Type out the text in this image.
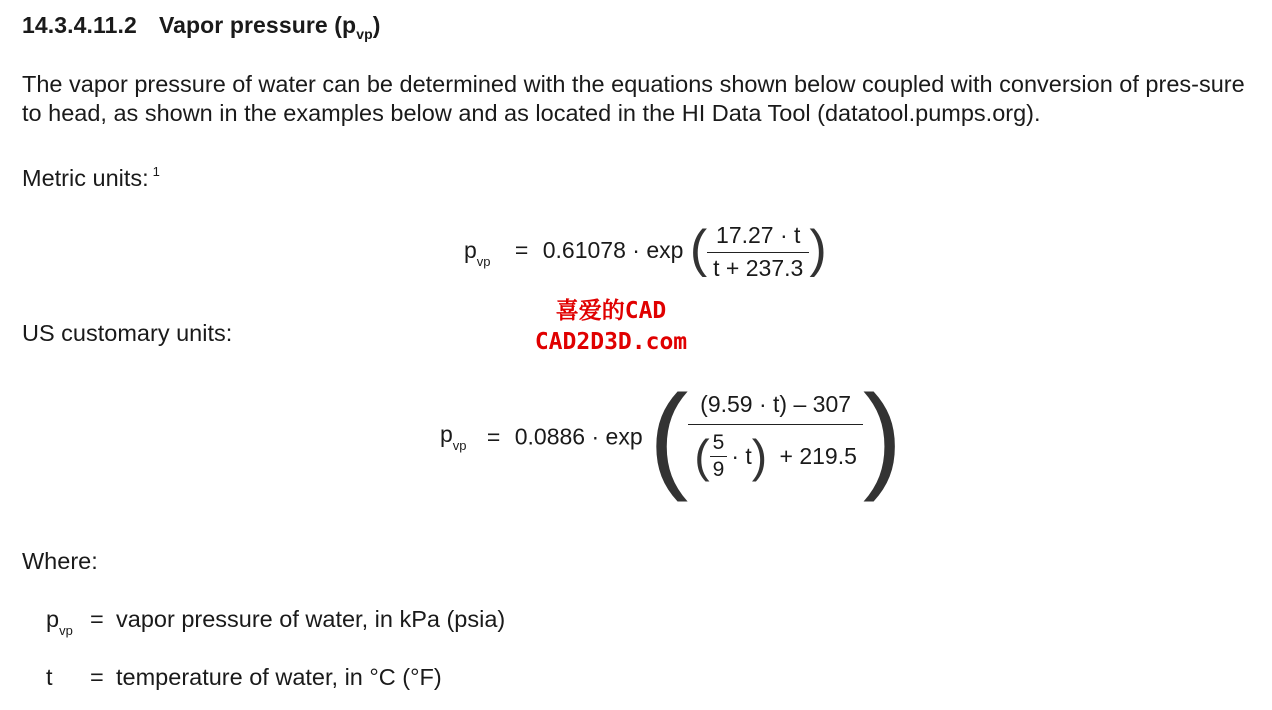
14.3.4.11.2 Vapor pressure $(p_{vp})$
The vapor pressure of water can be determined with the equations shown below coupled with conversion of pres-sure to head, as shown in the examples below and as located in the HI Data Tool (datatool.pumps.org).
Metric units: $^1$
$p_{vp} = 0.61078 \cdot \exp$ ( $\frac{17.27 \cdot t}{t + 237.3}$ )
喜爱的CAD
CAD2D3D.com
US customary units:
$p_{vp} = 0.0886 \cdot \exp$ ( $\frac{(9.59 \cdot t) - 307}{( \frac{5}{9} \cdot t) + 219.5}$ )
Where:
$p_{vp}$ = vapor pressure of water, in kPa (psia)
t = temperature of water, in °C (°F)
